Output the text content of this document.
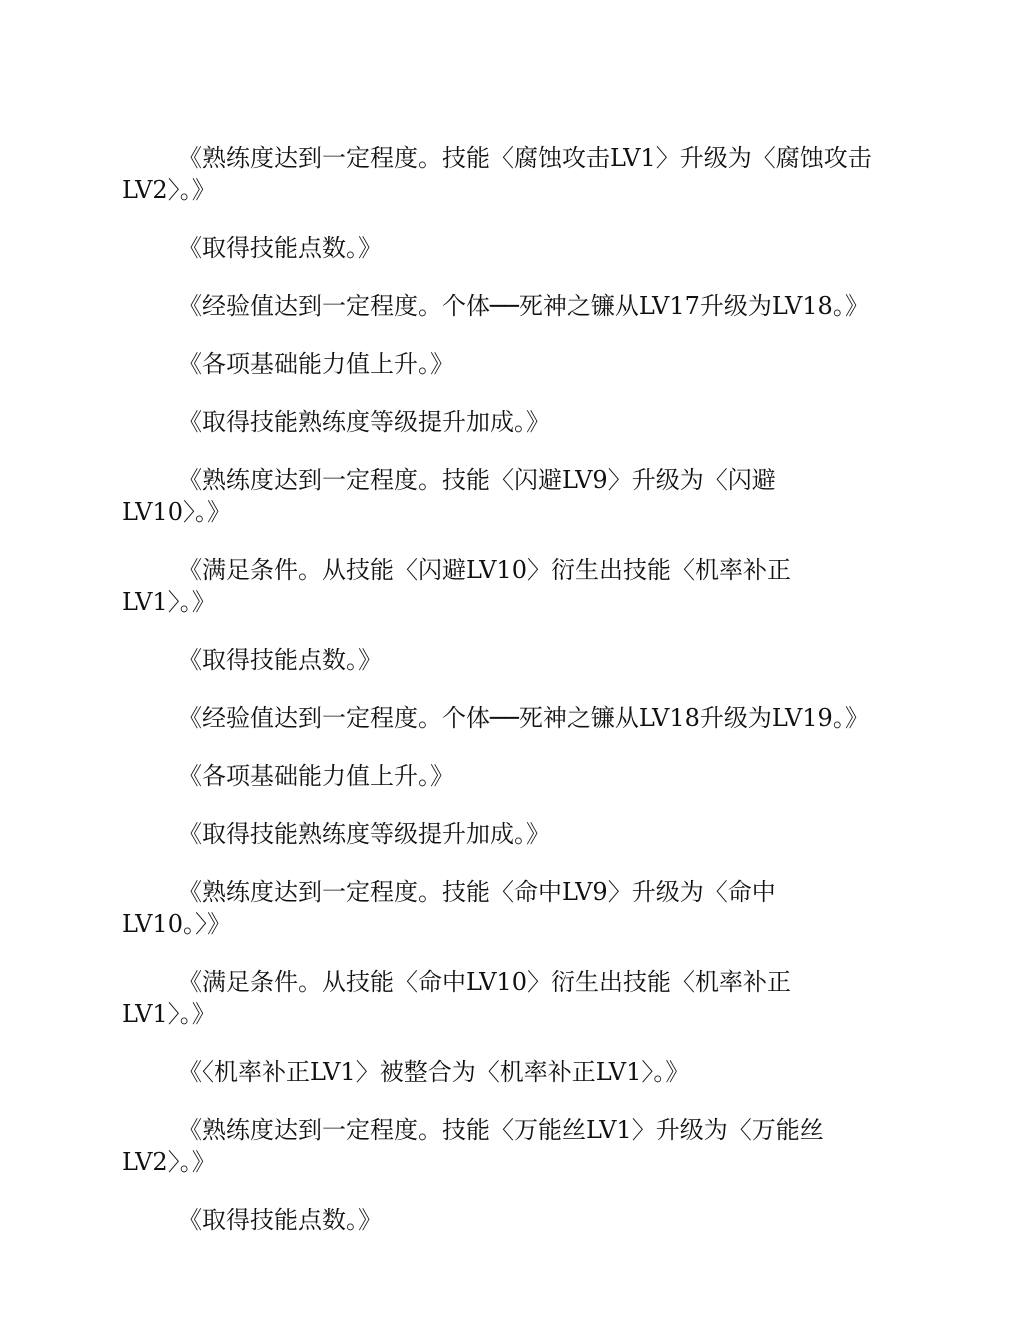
《熟练度达到一定程度。技能〈腐蚀攻击LV1〉升级为〈腐蚀攻击
LV2〉。》

《取得技能点数。》

《经验值达到一定程度。个体──死神之镰从LV17升级为LV18。》

《各项基础能力值上升。》

《取得技能熟练度等级提升加成。》

《熟练度达到一定程度。技能〈闪避LV9〉升级为〈闪避
LV10〉。》

《满足条件。从技能〈闪避LV10〉衍生出技能〈机率补正
LV1〉。》

《取得技能点数。》

《经验值达到一定程度。个体──死神之镰从LV18升级为LV19。》

《各项基础能力值上升。》

《取得技能熟练度等级提升加成。》

《熟练度达到一定程度。技能〈命中LV9〉升级为〈命中
LV10。〉》

《满足条件。从技能〈命中LV10〉衍生出技能〈机率补正
LV1〉。》

《〈机率补正LV1〉被整合为〈机率补正LV1〉。》

《熟练度达到一定程度。技能〈万能丝LV1〉升级为〈万能丝
LV2〉。》

《取得技能点数。》
